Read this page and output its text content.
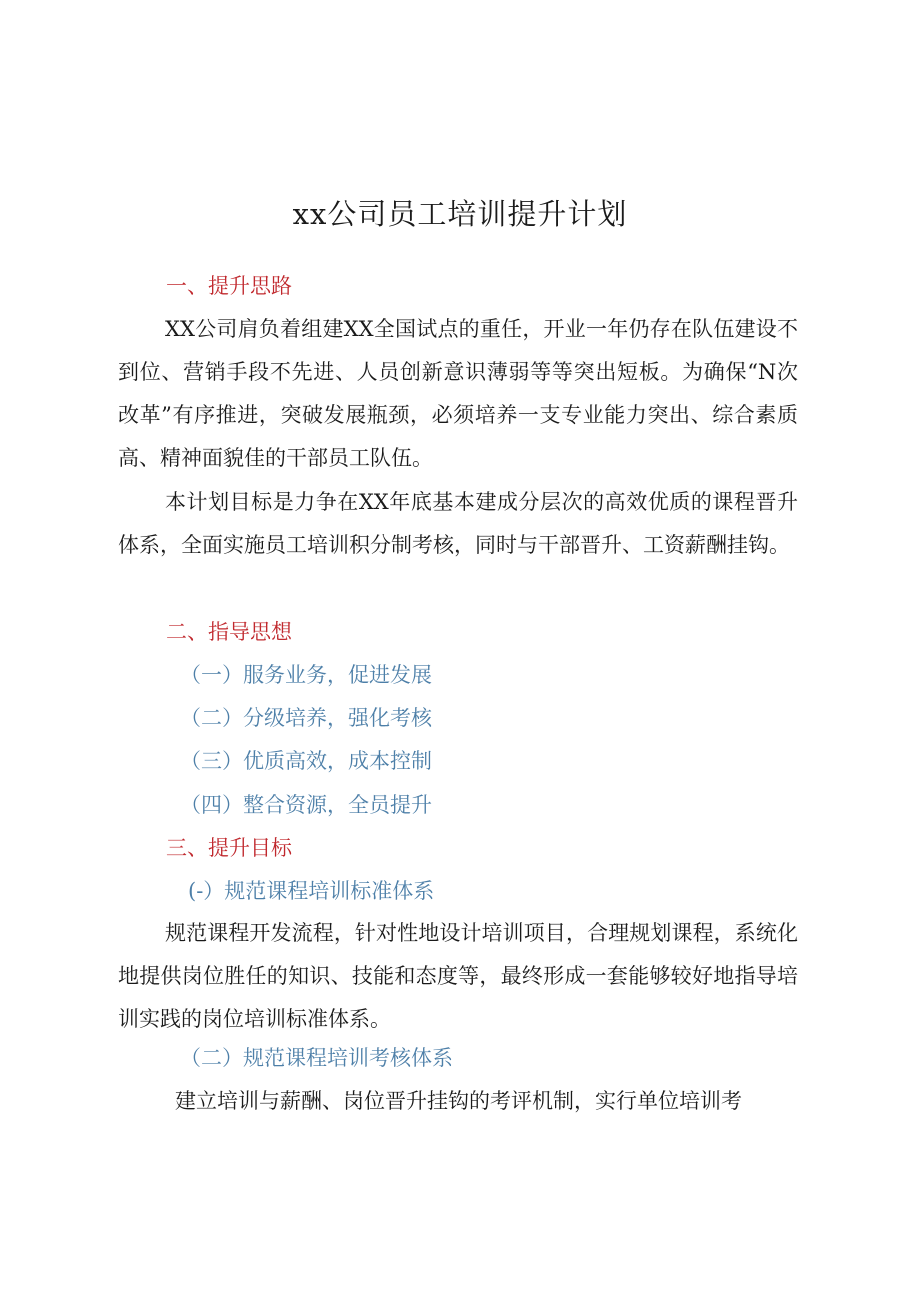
xx公司员工培训提升计划
一、提升思路
XX公司肩负着组建XX全国试点的重任，开业一年仍存在队伍建设不到位、营销手段不先进、人员创新意识薄弱等等突出短板。为确保“N次改革”有序推进，突破发展瓶颈，必须培养一支专业能力突出、综合素质高、精神面貌佳的干部员工队伍。
本计划目标是力争在XX年底基本建成分层次的高效优质的课程晋升体系，全面实施员工培训积分制考核，同时与干部晋升、工资薪酬挂钩。
二、指导思想
（一）服务业务，促进发展
（二）分级培养，强化考核
（三）优质高效，成本控制
（四）整合资源，全员提升
三、提升目标
(-）规范课程培训标准体系
规范课程开发流程，针对性地设计培训项目，合理规划课程，系统化地提供岗位胜任的知识、技能和态度等，最终形成一套能够较好地指导培训实践的岗位培训标准体系。
（二）规范课程培训考核体系
建立培训与薪酬、岗位晋升挂钩的考评机制，实行单位培训考
